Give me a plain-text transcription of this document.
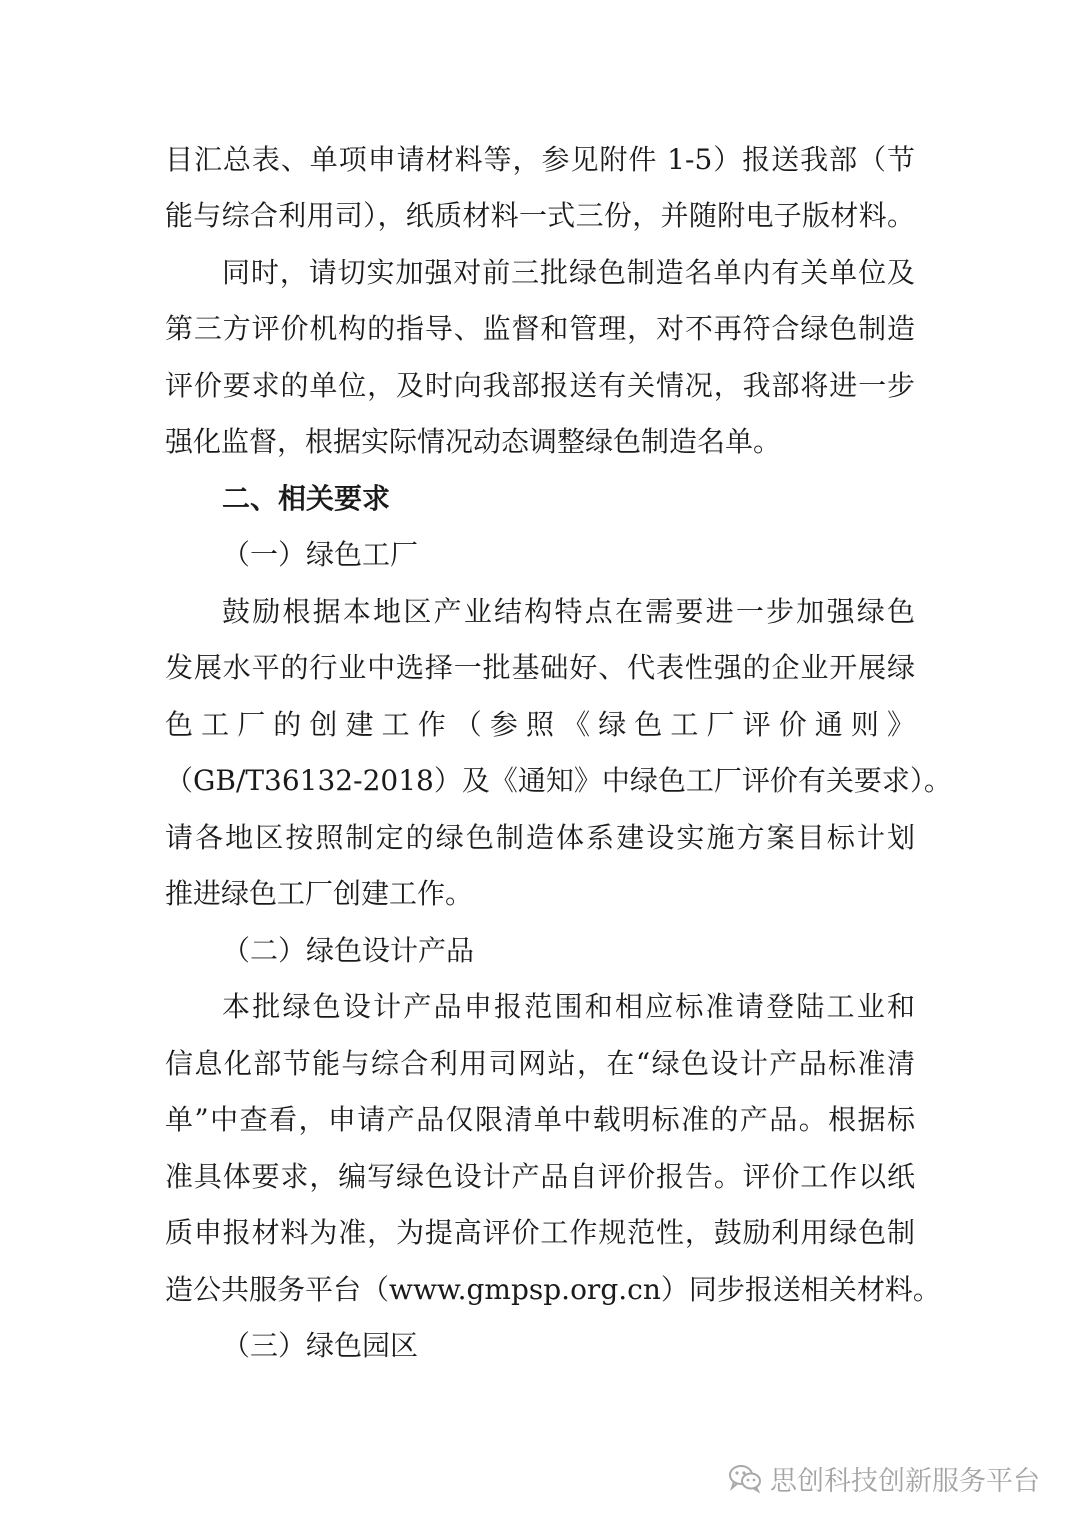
目汇总表、单项申请材料等，参见附件 1-5）报送我部（节
能与综合利用司），纸质材料一式三份，并随附电子版材料。
同时，请切实加强对前三批绿色制造名单内有关单位及
第三方评价机构的指导、监督和管理，对不再符合绿色制造
评价要求的单位，及时向我部报送有关情况，我部将进一步
强化监督，根据实际情况动态调整绿色制造名单。
二、相关要求
（一）绿色工厂
鼓励根据本地区产业结构特点在需要进一步加强绿色
发展水平的行业中选择一批基础好、代表性强的企业开展绿
色工厂的创建工作（参照《绿色工厂评价通则》
（GB/T36132-2018）及《通知》中绿色工厂评价有关要求）。
请各地区按照制定的绿色制造体系建设实施方案目标计划
推进绿色工厂创建工作。
（二）绿色设计产品
本批绿色设计产品申报范围和相应标准请登陆工业和
信息化部节能与综合利用司网站，在“绿色设计产品标准清
单”中查看，申请产品仅限清单中载明标准的产品。根据标
准具体要求，编写绿色设计产品自评价报告。评价工作以纸
质申报材料为准，为提高评价工作规范性，鼓励利用绿色制
造公共服务平台（www.gmpsp.org.cn）同步报送相关材料。
（三）绿色园区
思创科技创新服务平台
